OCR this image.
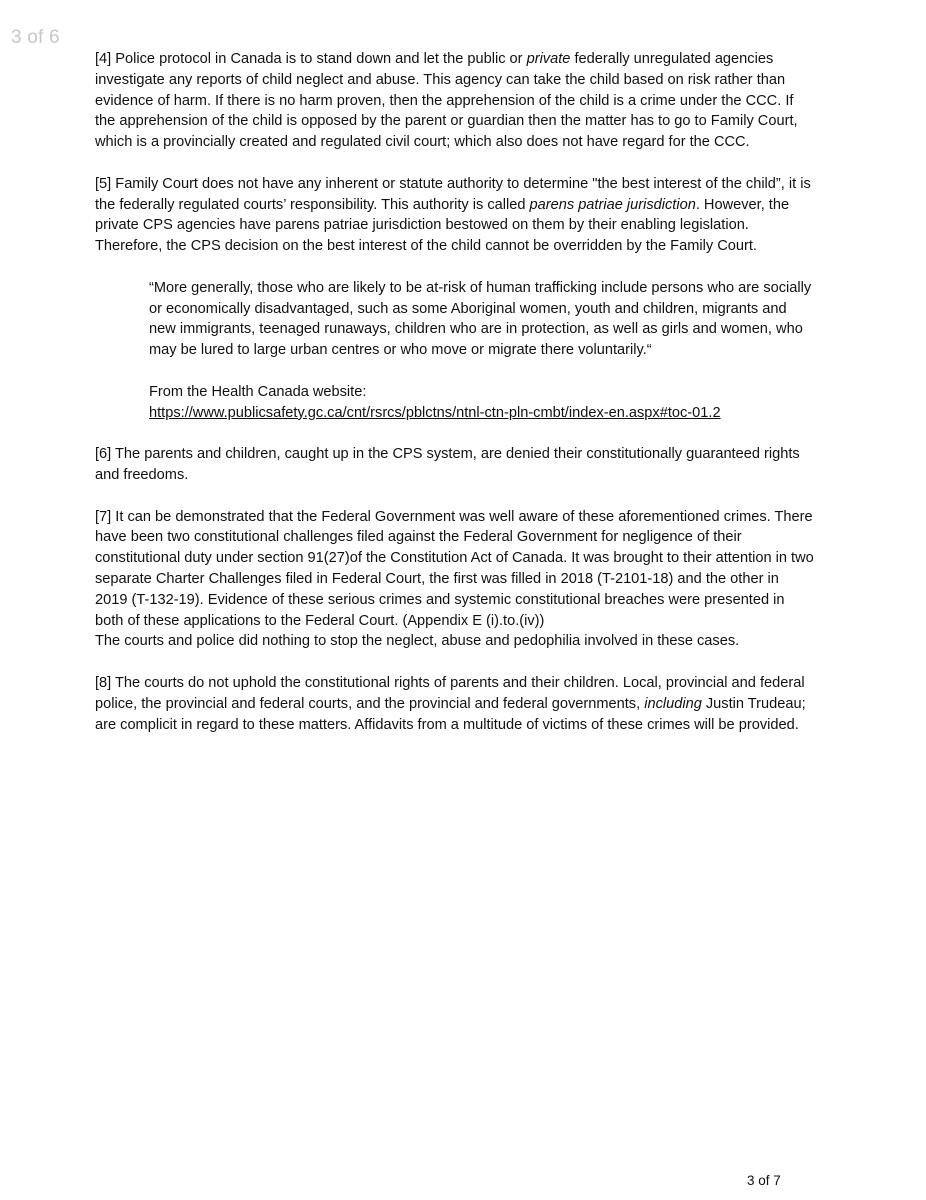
3 of 6

[4] Police protocol in Canada is to stand down and let the public or private federally unregulated agencies investigate any reports of child neglect and abuse. This agency can take the child based on risk rather than evidence of harm. If there is no harm proven, then the apprehension of the child is a crime under the CCC. If the apprehension of the child is opposed by the parent or guardian then the matter has to go to Family Court, which is a provincially created and regulated civil court; which also does not have regard for the CCC.

[5] Family Court does not have any inherent or statute authority to determine "the best interest of the child”, it is the federally regulated courts’ responsibility. This authority is called parens patriae jurisdiction. However, the private CPS agencies have parens patriae jurisdiction bestowed on them by their enabling legislation. Therefore, the CPS decision on the best interest of the child cannot be overridden by the Family Court.

“More generally, those who are likely to be at-risk of human trafficking include persons who are socially or economically disadvantaged, such as some Aboriginal women, youth and children, migrants and new immigrants, teenaged runaways, children who are in protection, as well as girls and women, who may be lured to large urban centres or who move or migrate there voluntarily.“

From the Health Canada website:
https://www.publicsafety.gc.ca/cnt/rsrcs/pblctns/ntnl-ctn-pln-cmbt/index-en.aspx#toc-01.2

[6] The parents and children, caught up in the CPS system, are denied their constitutionally guaranteed rights and freedoms.

[7] It can be demonstrated that the Federal Government was well aware of these aforementioned crimes. There have been two constitutional challenges filed against the Federal Government for negligence of their constitutional duty under section 91(27)of the Constitution Act of Canada. It was brought to their attention in two separate Charter Challenges filed in Federal Court, the first was filled in 2018 (T-2101-18) and the other in 2019 (T-132-19). Evidence of these serious crimes and systemic constitutional breaches were presented in both of these applications to the Federal Court. (Appendix E (i).to.(iv))
The courts and police did nothing to stop the neglect, abuse and pedophilia involved in these cases.

[8] The courts do not uphold the constitutional rights of parents and their children. Local, provincial and federal police, the provincial and federal courts, and the provincial and federal governments, including Justin Trudeau; are complicit in regard to these matters. Affidavits from a multitude of victims of these crimes will be provided.

3 of 7
